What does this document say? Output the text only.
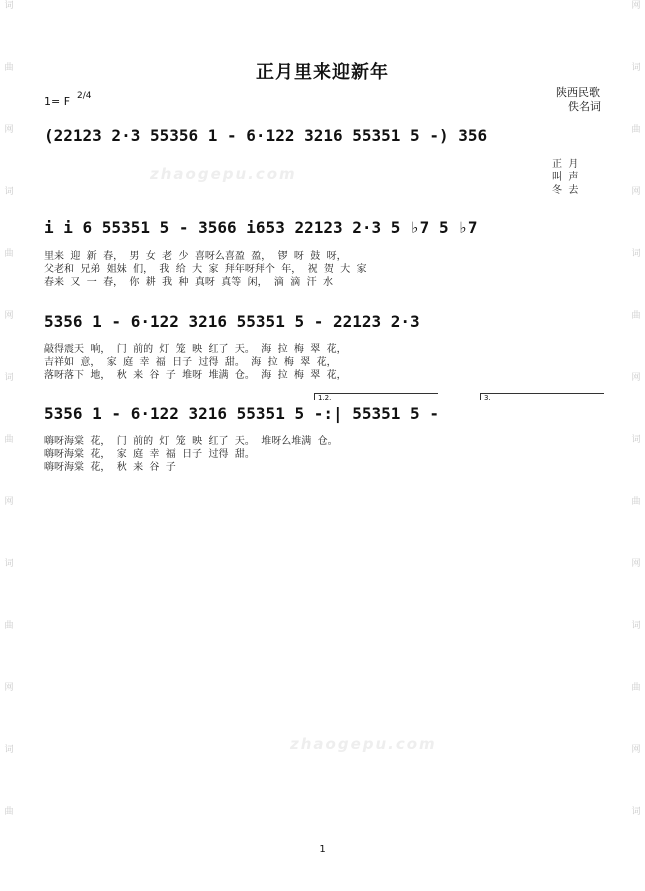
词
曲
网
词
曲
网
词
曲
网
词
曲
网
词
曲
网
词
曲
网
词
曲
网
词
曲
网
词
曲
网
词
zhaogepu.com
zhaogepu.com
正月里来迎新年
1= F 2/4	陕西民歌
佚名词
(22123 2·3 55356 1 - 6·122 3216 55351 5 -) 356
正  月
叫  声
冬  去
i i 6 55351 5 - 3566 i653 22123 2·3 5 ♭7 5 ♭7
里来  迎  新  春，  男  女  老  少  喜呀么喜盈  盈，  锣  呀  鼓  呀，
父老和  兄弟  姐妹  们，  我  给  大  家  拜年呀拜个  年，  祝  贺  大  家
春来  又  一  春，  你  耕  我  种  真呀  真等  闲，  滴  滴  汗  水
5356 1 - 6·122 3216 55351 5 - 22123 2·3
敲得震天  响，  门  前的  灯  笼  映  红了  天。  海  拉  梅  翠  花，
吉祥如  意，  家  庭  幸  福  日子  过得  甜。  海  拉  梅  翠  花，
落呀落下  地，  秋  来  谷  子  堆呀  堆满  仓。  海  拉  梅  翠  花，
1.2.	3.
5356 1 - 6·122 3216 55351 5 -:| 55351 5 -
嗨呀海棠  花，  门  前的  灯  笼  映  红了  天。  堆呀么堆满  仓。
嗨呀海棠  花，  家  庭  幸  福  日子  过得  甜。
嗨呀海棠  花，  秋  来  谷  子
1
